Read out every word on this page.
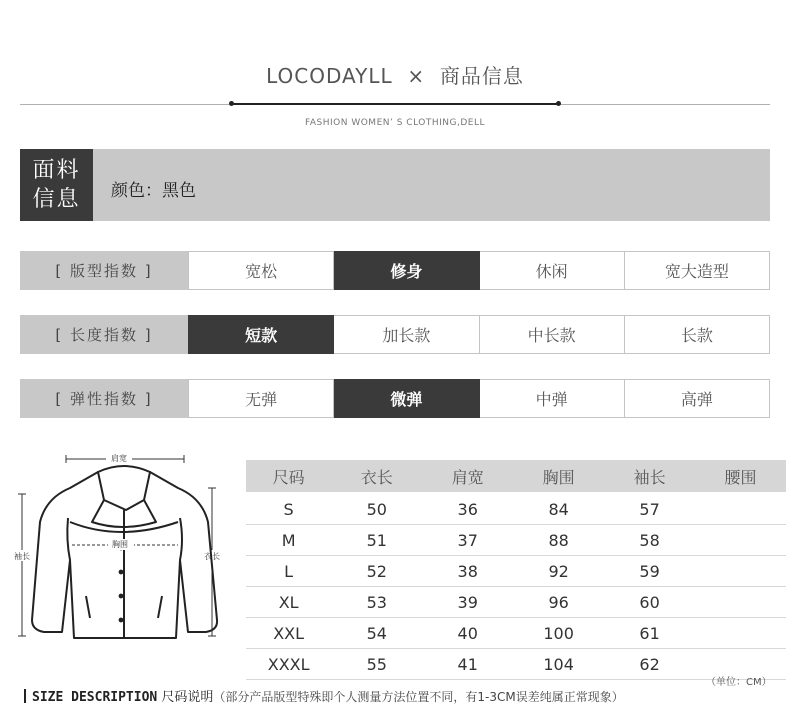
LOCODAYLL  ×  商品信息
FASHION WOMEN’ S CLOTHING,DELL
面料
信息 颜色：黑色
[ 版型指数 ]	宽松	修身	休闲	宽大造型
[ 长度指数 ]	短款	加长款	中长款	长款
[ 弹性指数 ]	无弹	微弹	中弹	高弹
肩宽
袖长	衣长
胸围
尺码	衣长	肩宽	胸围	袖长	腰围
S	50	36	84	57
M	51	37	88	58
L	52	38	92	59
XL	53	39	96	60
XXL	54	40	100	61
XXXL	55	41	104	62
（单位：CM）
SIZE DESCRIPTION 尺码说明（部分产品版型特殊即个人测量方法位置不同，有1-3CM误差纯属正常现象）
